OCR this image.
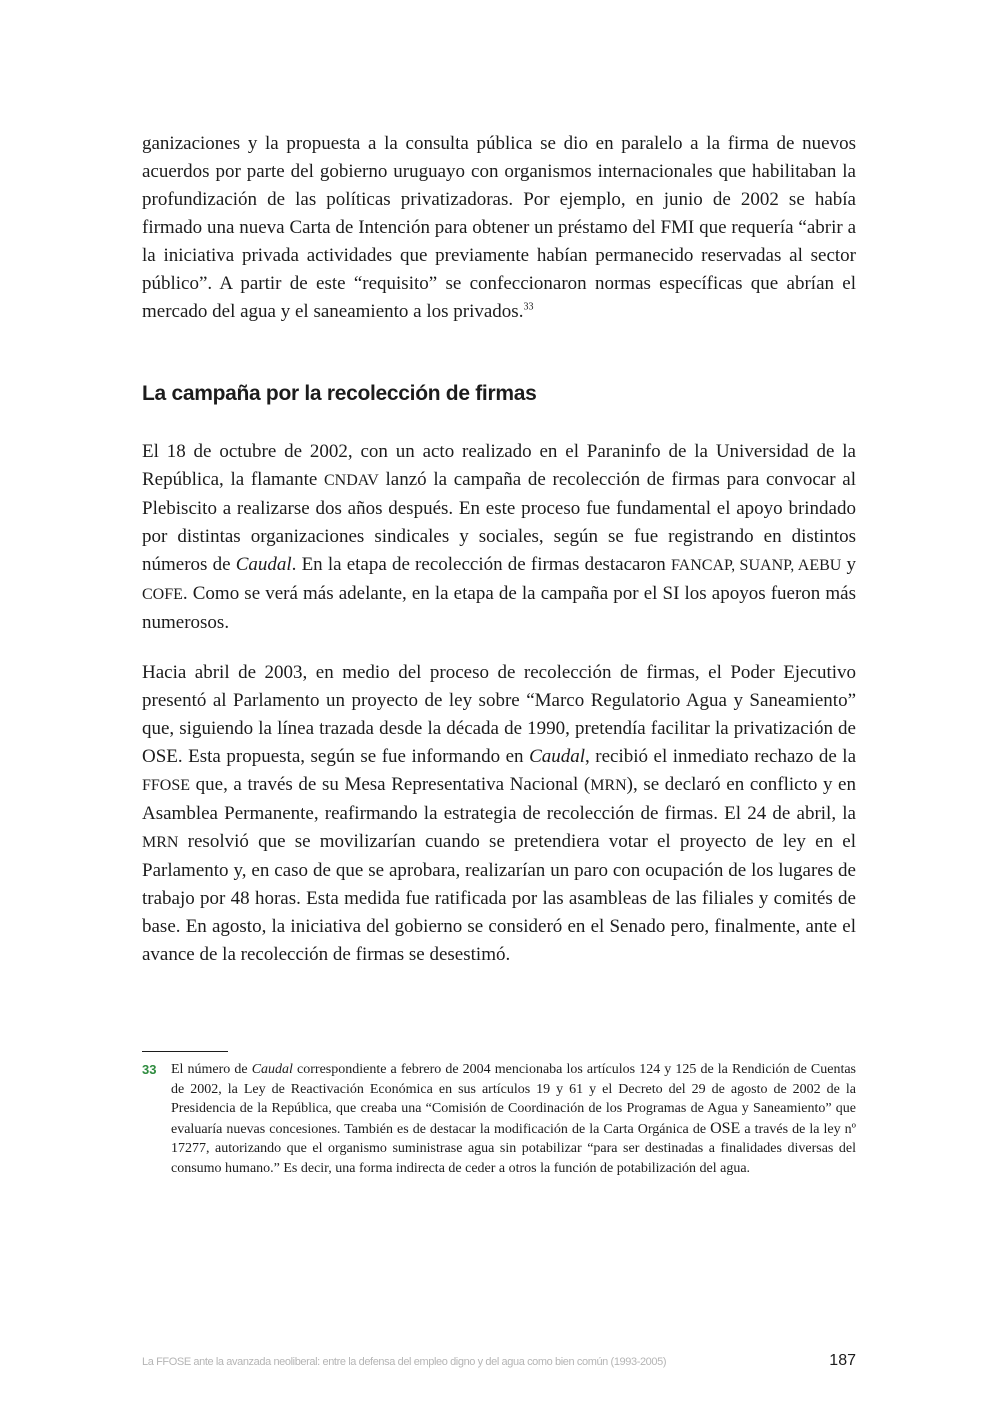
ganizaciones y la propuesta a la consulta pública se dio en paralelo a la firma de nuevos acuerdos por parte del gobierno uruguayo con organismos internacionales que habilitaban la profundización de las políticas privatizadoras. Por ejemplo, en junio de 2002 se había firmado una nueva Carta de Intención para obtener un préstamo del FMI que requería “abrir a la iniciativa privada actividades que previamente habían permanecido reservadas al sector público”. A partir de este “requisito” se confeccionaron normas específicas que abrían el mercado del agua y el saneamiento a los privados.$^{33}$

La campaña por la recolección de firmas

El 18 de octubre de 2002, con un acto realizado en el Paraninfo de la Universidad de la República, la flamante CNDAV lanzó la campaña de recolección de firmas para convocar al Plebiscito a realizarse dos años después. En este proceso fue fundamental el apoyo brindado por distintas organizaciones sindicales y sociales, según se fue registrando en distintos números de Caudal. En la etapa de recolección de firmas destacaron FANCAP, SUANP, AEBU y COFE. Como se verá más adelante, en la etapa de la campaña por el SI los apoyos fueron más numerosos.

Hacia abril de 2003, en medio del proceso de recolección de firmas, el Poder Ejecutivo presentó al Parlamento un proyecto de ley sobre “Marco Regulatorio Agua y Saneamiento” que, siguiendo la línea trazada desde la década de 1990, pretendía facilitar la privatización de OSE. Esta propuesta, según se fue informando en Caudal, recibió el inmediato rechazo de la FFOSE que, a través de su Mesa Representativa Nacional (MRN), se declaró en conflicto y en Asamblea Permanente, reafirmando la estrategia de recolección de firmas. El 24 de abril, la MRN resolvió que se movilizarían cuando se pretendiera votar el proyecto de ley en el Parlamento y, en caso de que se aprobara, realizarían un paro con ocupación de los lugares de trabajo por 48 horas. Esta medida fue ratificada por las asambleas de las filiales y comités de base. En agosto, la iniciativa del gobierno se consideró en el Senado pero, finalmente, ante el avance de la recolección de firmas se desestimó.

33	El número de Caudal correspondiente a febrero de 2004 mencionaba los artículos 124 y 125 de la Rendición de Cuentas de 2002, la Ley de Reactivación Económica en sus artículos 19 y 61 y el Decreto del 29 de agosto de 2002 de la Presidencia de la República, que creaba una “Comisión de Coordinación de los Programas de Agua y Saneamiento” que evaluaría nuevas concesiones. También es de destacar la modificación de la Carta Orgánica de OSE a través de la ley nº 17277, autorizando que el organismo suministrase agua sin potabilizar “para ser destinadas a finalidades diversas del consumo humano.” Es decir, una forma indirecta de ceder a otros la función de potabilización del agua.

La FFOSE ante la avanzada neoliberal: entre la defensa del empleo digno y del agua como bien común (1993-2005)	187
